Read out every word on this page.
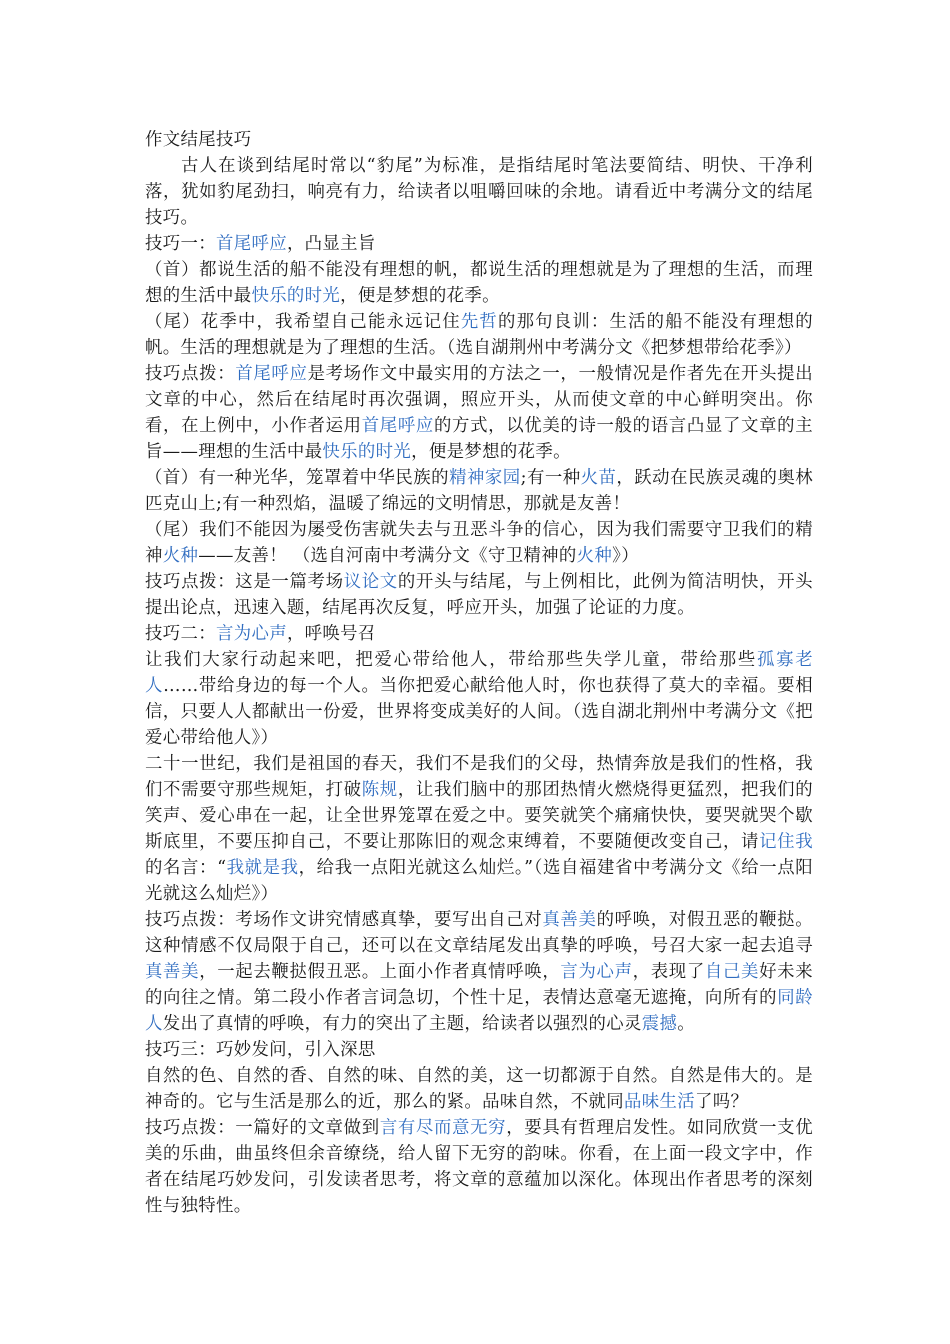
作文结尾技巧

古人在谈到结尾时常以“豹尾”为标准，是指结尾时笔法要简结、明快、干净利落，犹如豹尾劲扫，响亮有力，给读者以咀嚼回味的余地。请看近中考满分文的结尾技巧。

技巧一：首尾呼应，凸显主旨

（首）都说生活的船不能没有理想的帆，都说生活的理想就是为了理想的生活，而理想的生活中最快乐的时光，便是梦想的花季。

（尾）花季中，我希望自己能永远记住先哲的那句良训：生活的船不能没有理想的帆。生活的理想就是为了理想的生活。（选自湖荆州中考满分文《把梦想带给花季》）

技巧点拨：首尾呼应是考场作文中最实用的方法之一，一般情况是作者先在开头提出文章的中心，然后在结尾时再次强调，照应开头，从而使文章的中心鲜明突出。你看，在上例中，小作者运用首尾呼应的方式，以优美的诗一般的语言凸显了文章的主旨——理想的生活中最快乐的时光，便是梦想的花季。

（首）有一种光华，笼罩着中华民族的精神家园;有一种火苗，跃动在民族灵魂的奥林匹克山上;有一种烈焰，温暖了绵远的文明情思，那就是友善！

（尾）我们不能因为屡受伤害就失去与丑恶斗争的信心，因为我们需要守卫我们的精神火种——友善！ （选自河南中考满分文《守卫精神的火种》）

技巧点拨：这是一篇考场议论文的开头与结尾，与上例相比，此例为简洁明快，开头提出论点，迅速入题，结尾再次反复，呼应开头，加强了论证的力度。

技巧二：言为心声，呼唤号召

让我们大家行动起来吧，把爱心带给他人，带给那些失学儿童，带给那些孤寡老人……带给身边的每一个人。当你把爱心献给他人时，你也获得了莫大的幸福。要相信，只要人人都献出一份爱，世界将变成美好的人间。（选自湖北荆州中考满分文《把爱心带给他人》）

二十一世纪，我们是祖国的春天，我们不是我们的父母，热情奔放是我们的性格，我们不需要守那些规矩，打破陈规，让我们脑中的那团热情火燃烧得更猛烈，把我们的笑声、爱心串在一起，让全世界笼罩在爱之中。要笑就笑个痛痛快快，要哭就哭个歇斯底里，不要压抑自己，不要让那陈旧的观念束缚着，不要随便改变自己，请记住我的名言：“我就是我，给我一点阳光就这么灿烂。”（选自福建省中考满分文《给一点阳光就这么灿烂》）

技巧点拨：考场作文讲究情感真挚，要写出自己对真善美的呼唤，对假丑恶的鞭挞。这种情感不仅局限于自己，还可以在文章结尾发出真挚的呼唤，号召大家一起去追寻真善美，一起去鞭挞假丑恶。上面小作者真情呼唤，言为心声，表现了自己美好未来的向往之情。第二段小作者言词急切，个性十足，表情达意毫无遮掩，向所有的同龄人发出了真情的呼唤，有力的突出了主题，给读者以强烈的心灵震撼。

技巧三：巧妙发问，引入深思

自然的色、自然的香、自然的味、自然的美，这一切都源于自然。自然是伟大的。是神奇的。它与生活是那么的近，那么的紧。品味自然，不就同品味生活了吗？

技巧点拨：一篇好的文章做到言有尽而意无穷，要具有哲理启发性。如同欣赏一支优美的乐曲，曲虽终但余音缭绕，给人留下无穷的韵味。你看，在上面一段文字中，作者在结尾巧妙发问，引发读者思考，将文章的意蕴加以深化。体现出作者思考的深刻性与独特性。
